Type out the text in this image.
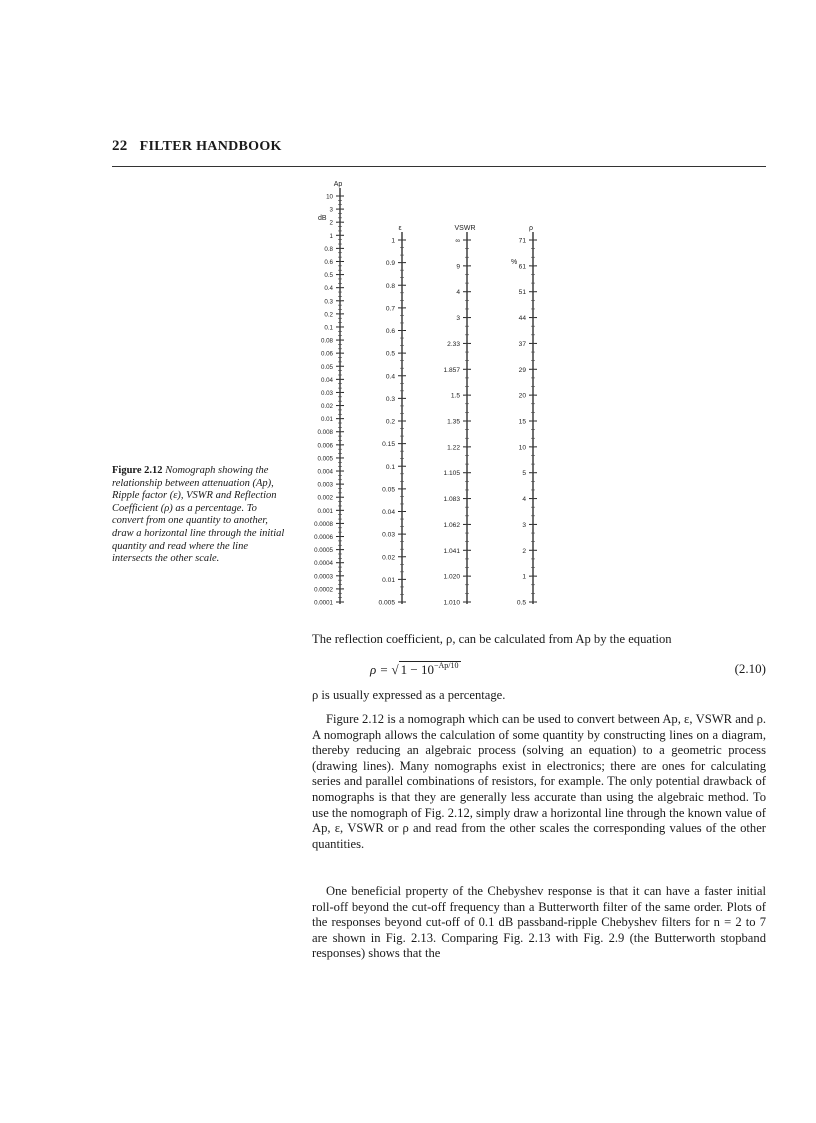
22 FILTER HANDBOOK
Figure 2.12 Nomograph showing the relationship between attenuation (Ap), Ripple factor (ε), VSWR and Reflection Coefficient (ρ) as a percentage. To convert from one quantity to another, draw a horizontal line through the initial quantity and read where the line intersects the other scale.
Ap
dB
10
3
2
1
0.8
0.6
0.5
0.4
0.3
0.2
0.1
0.08
0.06
0.05
0.04
0.03
0.02
0.01
0.008
0.006
0.005
0.004
0.003
0.002
0.001
0.0008
0.0006
0.0005
0.0004
0.0003
0.0002
0.0001
ε
1
0.9
0.8
0.7
0.6
0.5
0.4
0.3
0.2
0.15
0.1
0.05
0.04
0.03
0.02
0.01
0.005
VSWR
∞
9
4
3
2.33
1.857
1.5
1.35
1.22
1.105
1.083
1.062
1.041
1.020
1.010
ρ
%
71
61
51
44
37
29
20
15
10
5
4
3
2
1
0.5
The reflection coefficient, ρ, can be calculated from Ap by the equation
ρ = √ $1 - 10^{-Ap/10}$	(2.10)
ρ is usually expressed as a percentage.
Figure 2.12 is a nomograph which can be used to convert between Ap, ε, VSWR and ρ. A nomograph allows the calculation of some quantity by constructing lines on a diagram, thereby reducing an algebraic process (solving an equation) to a geometric process (drawing lines). Many nomographs exist in electronics; there are ones for calculating series and parallel combinations of resistors, for example. The only potential drawback of nomographs is that they are generally less accurate than using the algebraic method. To use the nomograph of Fig. 2.12, simply draw a horizontal line through the known value of Ap, ε, VSWR or ρ and read from the other scales the corresponding values of the other quantities.
One beneficial property of the Chebyshev response is that it can have a faster initial roll-off beyond the cut-off frequency than a Butterworth filter of the same order. Plots of the responses beyond cut-off of 0.1 dB passband-ripple Chebyshev filters for n = 2 to 7 are shown in Fig. 2.13. Comparing Fig. 2.13 with Fig. 2.9 (the Butterworth stopband responses) shows that the
